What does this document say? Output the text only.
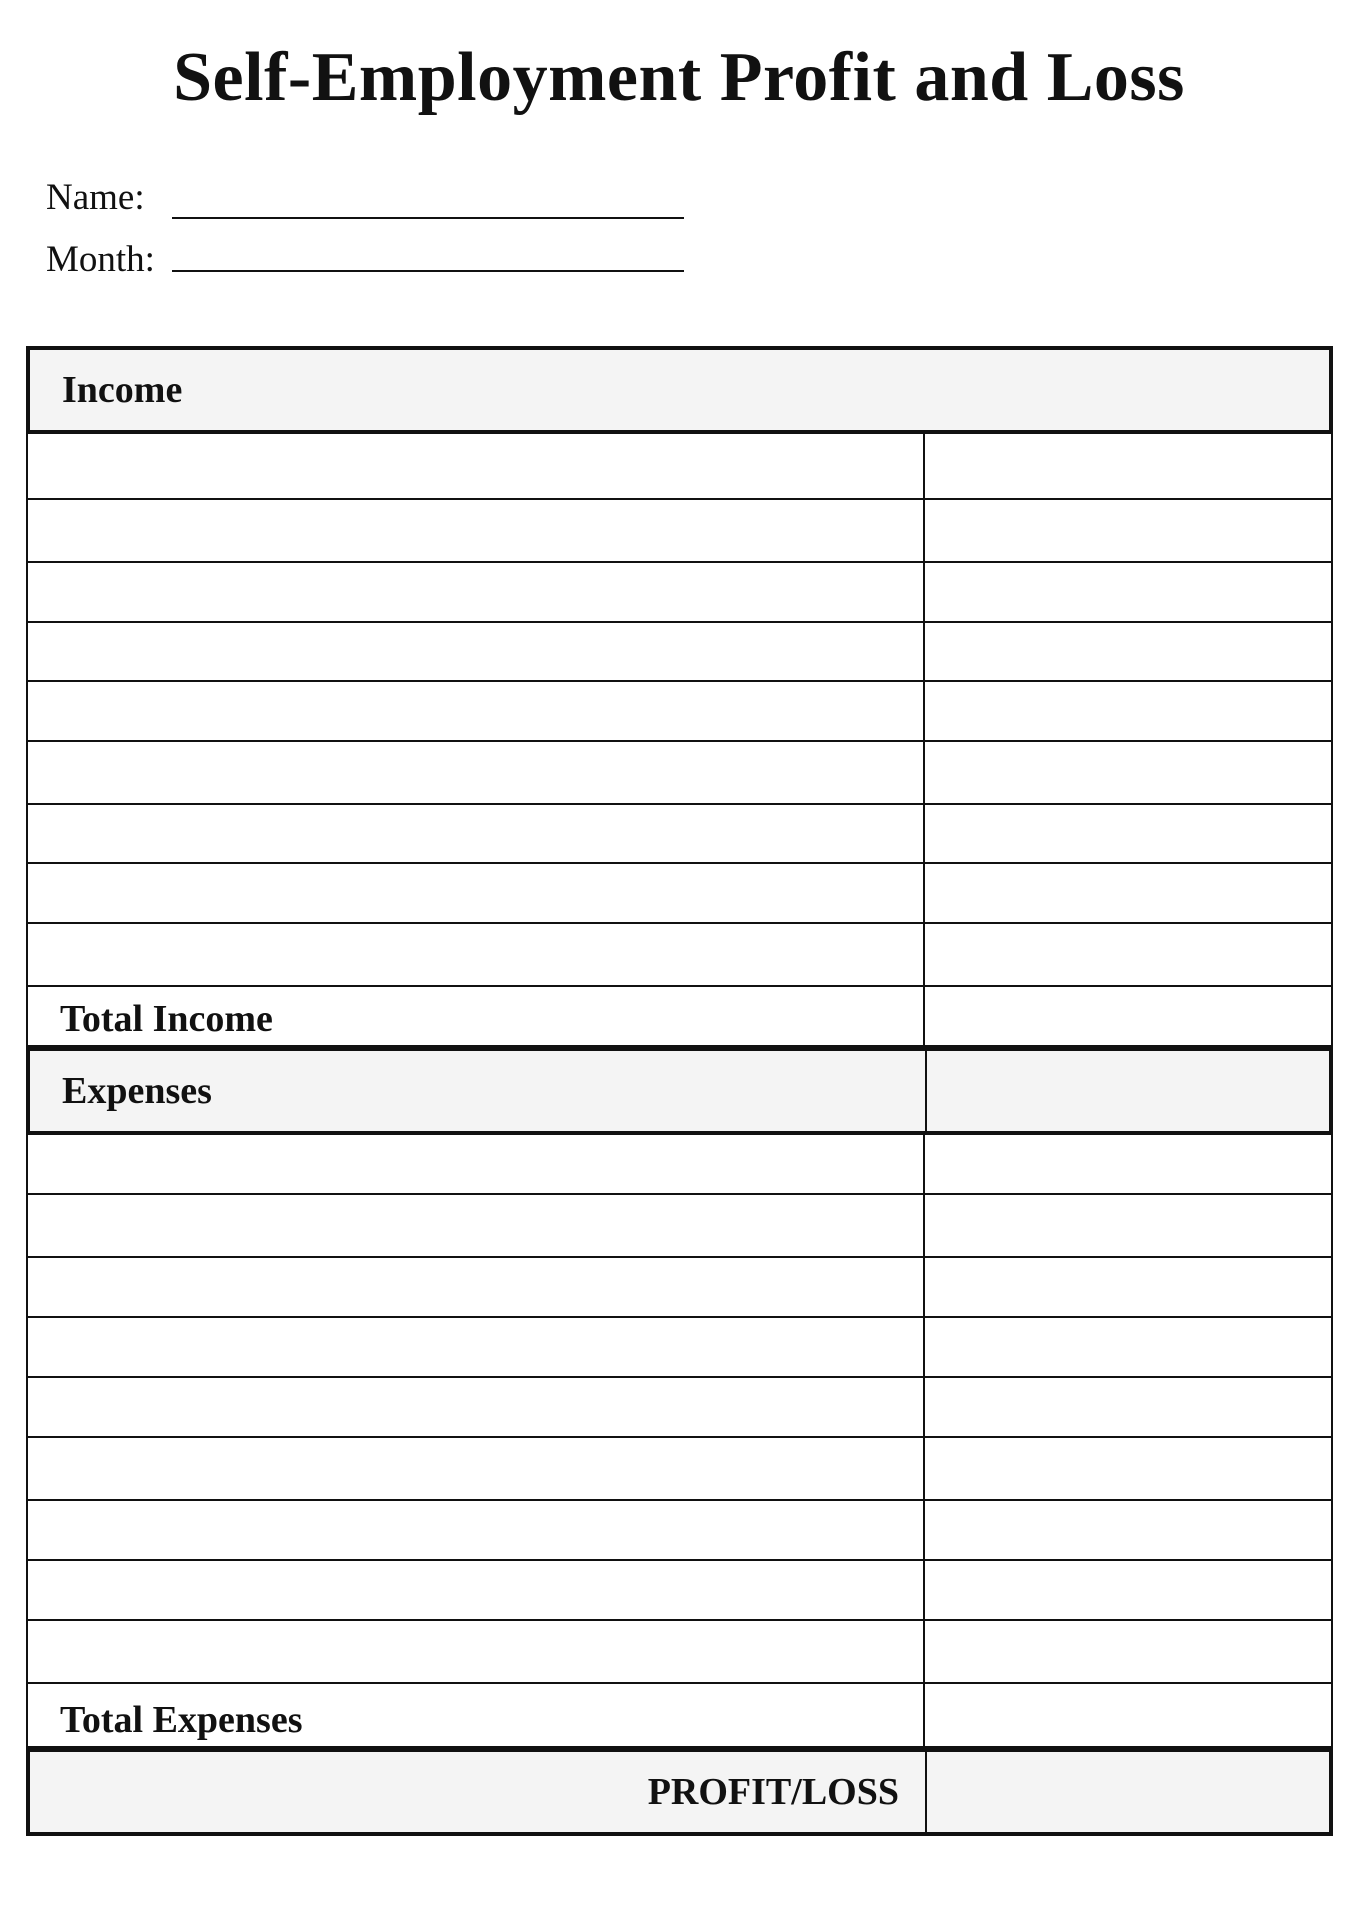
Self-Employment Profit and Loss
Name:
Month:
Income
Total Income
Expenses
Total Expenses
PROFIT/LOSS
